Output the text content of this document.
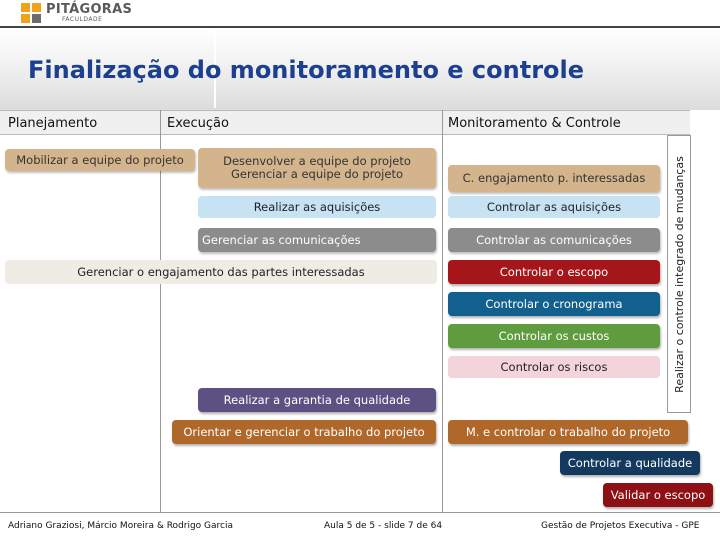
PITÁGORAS
FACULDADE
Finalização do monitoramento e controle
Planejamento	Execução	Monitoramento & Controle
Realizar o controle integrado de mudanças
Mobilizar a equipe do projeto	Desenvolver a equipe do projeto
Gerenciar a equipe do projeto
Realizar as aquisições
Gerenciar as comunicações
Gerenciar o engajamento das partes interessadas
Realizar a garantia de qualidade
Orientar e gerenciar o trabalho do projeto
C. engajamento p. interessadas
Controlar as aquisições
Controlar as comunicações
Controlar o escopo
Controlar o cronograma
Controlar os custos
Controlar os riscos
M. e controlar o trabalho do projeto
Controlar a qualidade
Validar o escopo
Adriano Graziosi, Márcio Moreira & Rodrigo Garcia	Aula 5 de 5 - slide 7 de 64	Gestão de Projetos Executiva - GPE
